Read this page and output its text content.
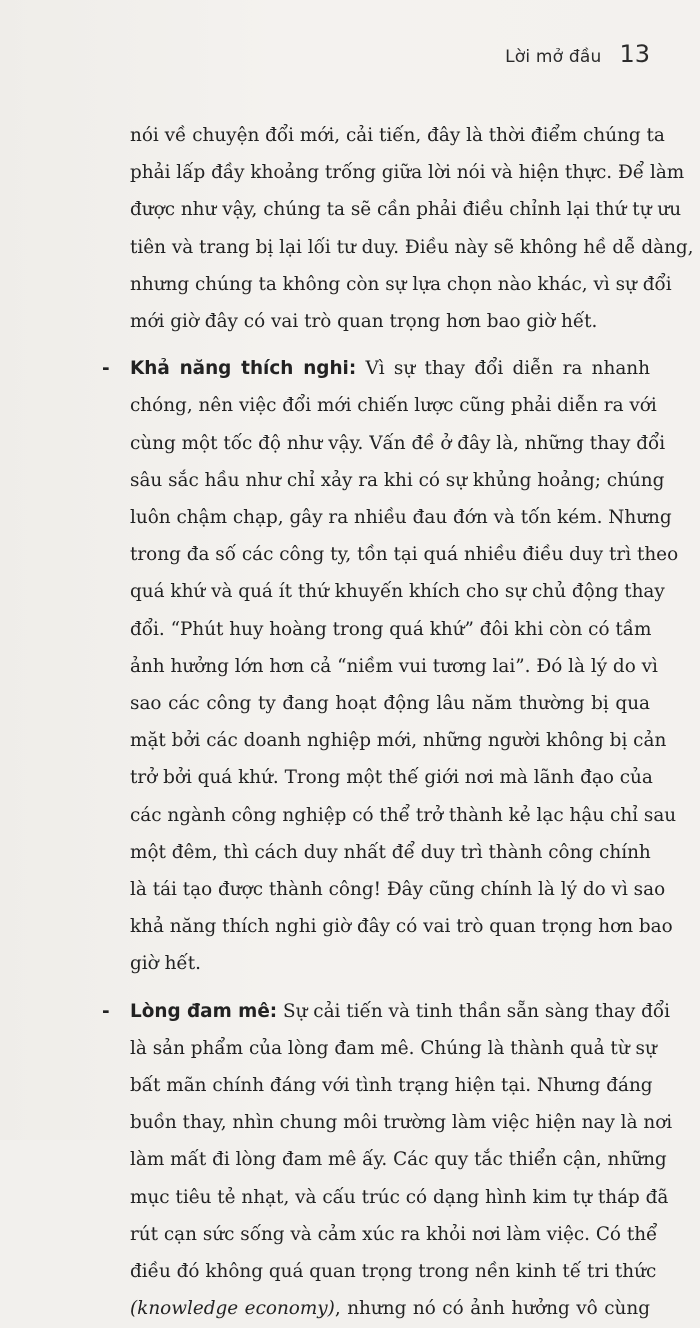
Lời mở đầu 13
nói về chuyện đổi mới, cải tiến, đây là thời điểm chúng ta
phải lấp đầy khoảng trống giữa lời nói và hiện thực. Để làm
được như vậy, chúng ta sẽ cần phải điều chỉnh lại thứ tự ưu
tiên và trang bị lại lối tư duy. Điều này sẽ không hề dễ dàng,
nhưng chúng ta không còn sự lựa chọn nào khác, vì sự đổi
mới giờ đây có vai trò quan trọng hơn bao giờ hết.
- Khả năng thích nghi: Vì sự thay đổi diễn ra nhanh
chóng, nên việc đổi mới chiến lược cũng phải diễn ra với
cùng một tốc độ như vậy. Vấn đề ở đây là, những thay đổi
sâu sắc hầu như chỉ xảy ra khi có sự khủng hoảng; chúng
luôn chậm chạp, gây ra nhiều đau đớn và tốn kém. Nhưng
trong đa số các công ty, tồn tại quá nhiều điều duy trì theo
quá khứ và quá ít thứ khuyến khích cho sự chủ động thay
đổi. “Phút huy hoàng trong quá khứ” đôi khi còn có tầm
ảnh hưởng lớn hơn cả “niềm vui tương lai”. Đó là lý do vì
sao các công ty đang hoạt động lâu năm thường bị qua
mặt bởi các doanh nghiệp mới, những người không bị cản
trở bởi quá khứ. Trong một thế giới nơi mà lãnh đạo của
các ngành công nghiệp có thể trở thành kẻ lạc hậu chỉ sau
một đêm, thì cách duy nhất để duy trì thành công chính
là tái tạo được thành công! Đây cũng chính là lý do vì sao
khả năng thích nghi giờ đây có vai trò quan trọng hơn bao
giờ hết.
- Lòng đam mê: Sự cải tiến và tinh thần sẵn sàng thay đổi
là sản phẩm của lòng đam mê. Chúng là thành quả từ sự
bất mãn chính đáng với tình trạng hiện tại. Nhưng đáng
buồn thay, nhìn chung môi trường làm việc hiện nay là nơi
làm mất đi lòng đam mê ấy. Các quy tắc thiển cận, những
mục tiêu tẻ nhạt, và cấu trúc có dạng hình kim tự tháp đã
rút cạn sức sống và cảm xúc ra khỏi nơi làm việc. Có thể
điều đó không quá quan trọng trong nền kinh tế tri thức
(knowledge economy), nhưng nó có ảnh hưởng vô cùng
